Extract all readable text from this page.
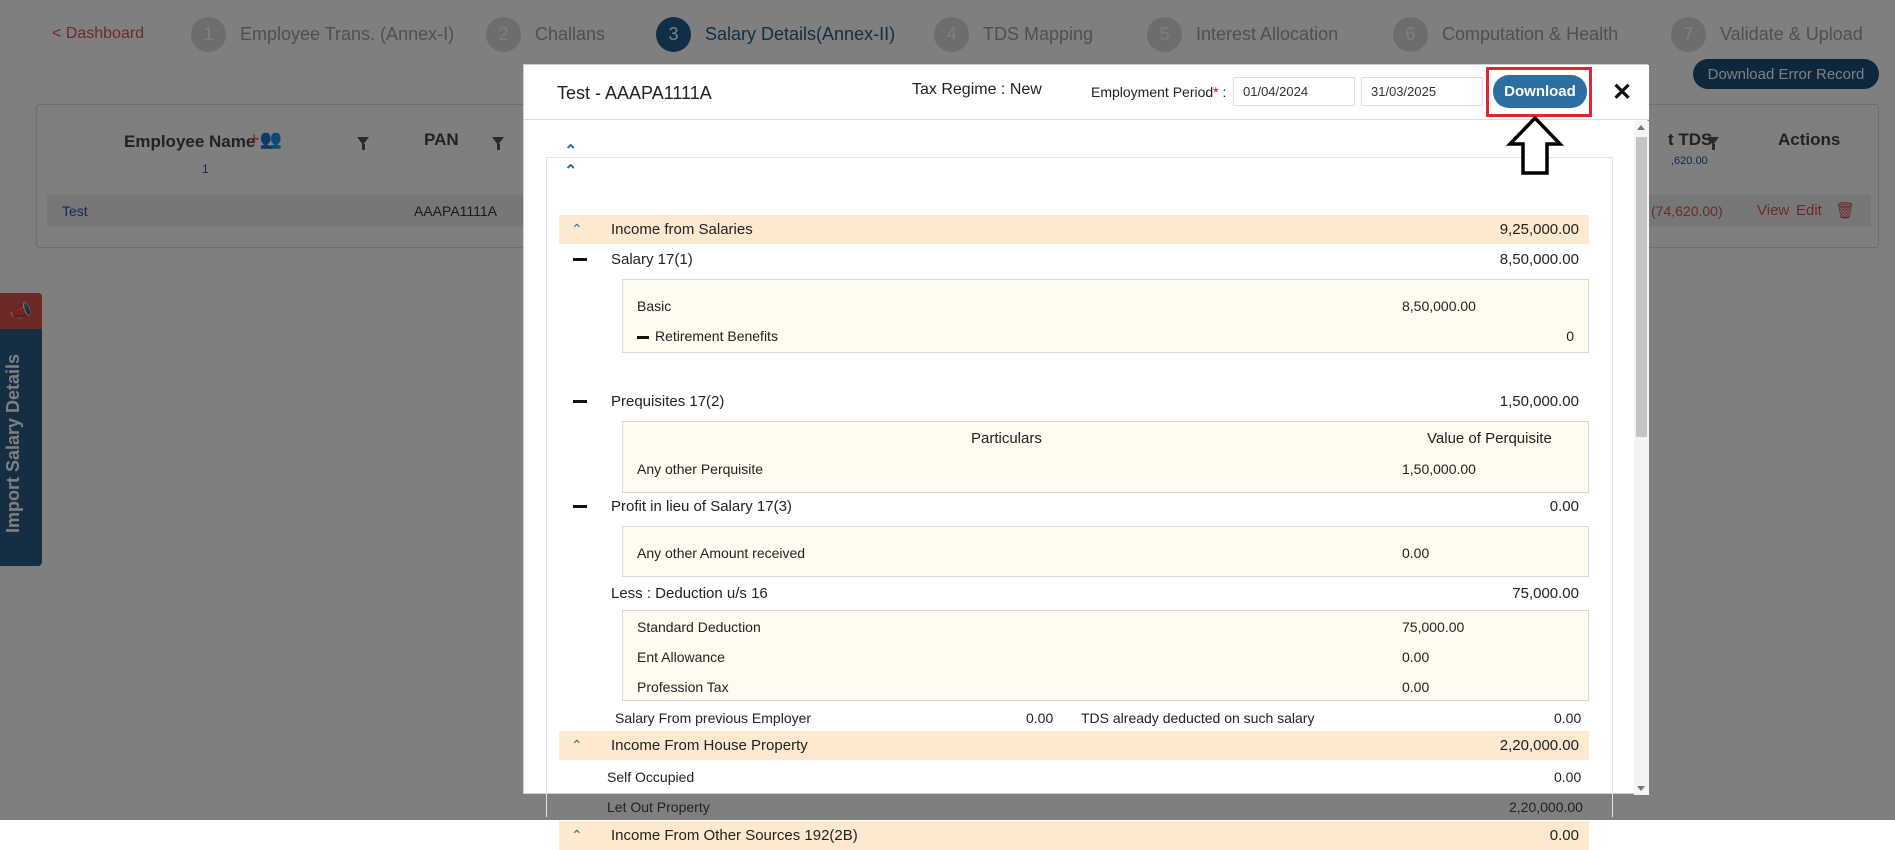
Test - AAAPA1111A	Tax Regime : New	Employment Period* :
01/04/2024
31/03/2025	Download	✕
⌃
⌃
⌃ Income from Salaries	9,25,000.00
Salary 17(1)	8,50,000.00
Basic	8,50,000.00
Retirement Benefits	0
Prequisites 17(2)	1,50,000.00
Particulars	Value of Perquisite
Any other Perquisite	1,50,000.00
Profit in lieu of Salary 17(3)	0.00
Any other Amount received	0.00
Less : Deduction u/s 16	75,000.00
Standard Deduction	75,000.00
Ent Allowance	0.00
Profession Tax	0.00
Salary From previous Employer	0.00 TDS already deducted on such salary	0.00
⌃ Income From House Property	2,20,000.00
Self Occupied	0.00
Let Out Property	2,20,000.00
⌃ Income From Other Sources 192(2B)	0.00
